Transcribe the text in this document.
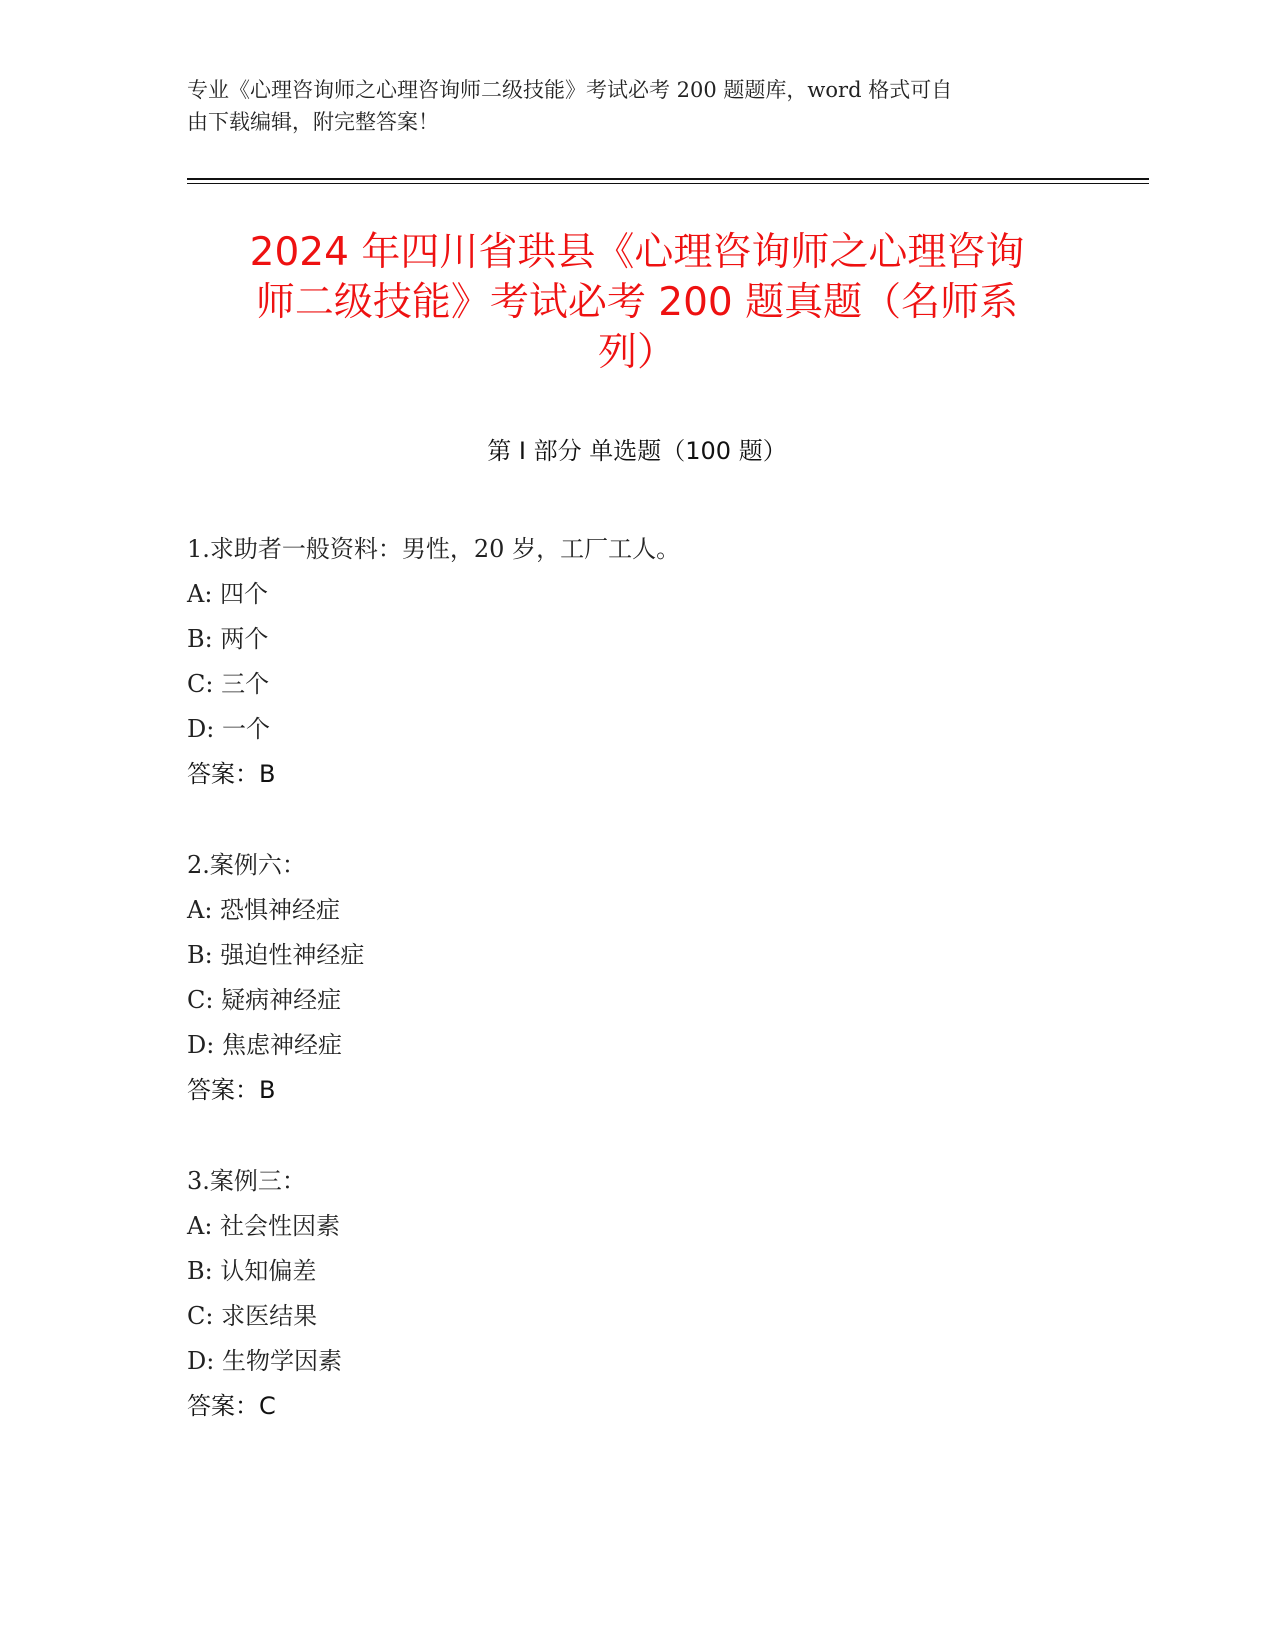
专业《心理咨询师之心理咨询师二级技能》考试必考 200 题题库，word 格式可自
由下载编辑，附完整答案！
2024 年四川省珙县《心理咨询师之心理咨询
师二级技能》考试必考 200 题真题（名师系
列）
第 I 部分 单选题（100 题）
1.求助者一般资料：男性，20 岁，工厂工人。
A: 四个
B: 两个
C: 三个
D: 一个
答案：B
2.案例六：
A: 恐惧神经症
B: 强迫性神经症
C: 疑病神经症
D: 焦虑神经症
答案：B
3.案例三：
A: 社会性因素
B: 认知偏差
C: 求医结果
D: 生物学因素
答案：C
